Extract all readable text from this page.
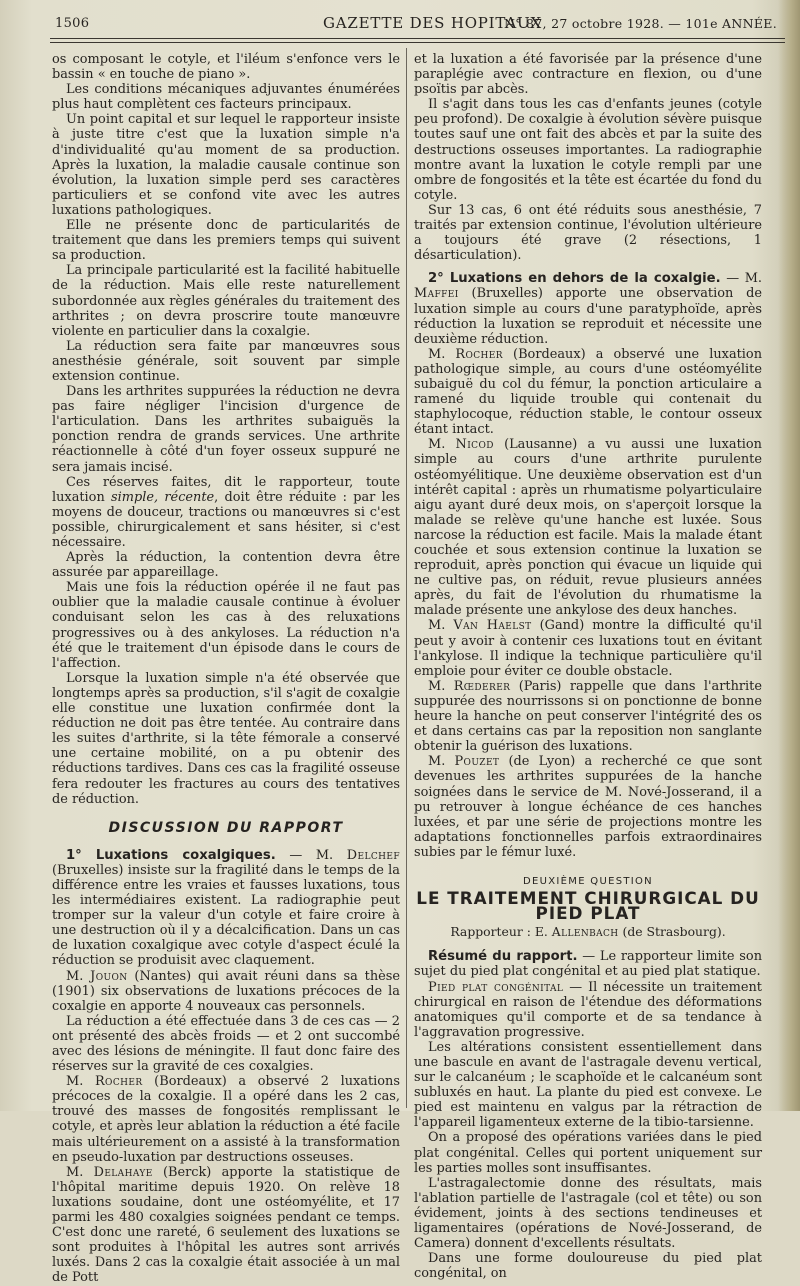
1506	GAZETTE DES HOPITAUX
N° 87, 27 octobre 1928. — 101e ANNÉE.

os composant le cotyle, et l'iléum s'enfonce vers le bassin « en touche de piano ».

Les conditions mécaniques adjuvantes énumérées plus haut complètent ces facteurs principaux.

Un point capital et sur lequel le rapporteur insiste à juste titre c'est que la luxation simple n'a d'individualité qu'au moment de sa production. Après la luxation, la maladie causale continue son évolution, la luxation simple perd ses caractères particuliers et se confond vite avec les autres luxations pathologiques.

Elle ne présente donc de particularités de traitement que dans les premiers temps qui suivent sa production.

La principale particularité est la facilité habituelle de la réduction. Mais elle reste naturellement subordonnée aux règles générales du traitement des arthrites ; on devra proscrire toute manœuvre violente en particulier dans la coxalgie.

La réduction sera faite par manœuvres sous anesthésie générale, soit souvent par simple extension continue.

Dans les arthrites suppurées la réduction ne devra pas faire négliger l'incision d'urgence de l'articulation. Dans les arthrites subaiguës la ponction rendra de grands services. Une arthrite réactionnelle à côté d'un foyer osseux suppuré ne sera jamais incisé.

Ces réserves faites, dit le rapporteur, toute luxation simple, récente, doit être réduite : par les moyens de douceur, tractions ou manœuvres si c'est possible, chirurgicalement et sans hésiter, si c'est nécessaire.

Après la réduction, la contention devra être assurée par appareillage.

Mais une fois la réduction opérée il ne faut pas oublier que la maladie causale continue à évoluer conduisant selon les cas à des reluxations progressives ou à des ankyloses. La réduction n'a été que le traitement d'un épisode dans le cours de l'affection.

Lorsque la luxation simple n'a été observée que longtemps après sa production, s'il s'agit de coxalgie elle constitue une luxation confirmée dont la réduction ne doit pas être tentée. Au contraire dans les suites d'arthrite, si la tête fémorale a conservé une certaine mobilité, on a pu obtenir des réductions tardives. Dans ces cas la fragilité osseuse fera redouter les fractures au cours des tentatives de réduction.

DISCUSSION DU RAPPORT

1° Luxations coxalgiques. — M. Delchef (Bruxelles) insiste sur la fragilité dans le temps de la différence entre les vraies et fausses luxations, tous les intermédiaires existent. La radiographie peut tromper sur la valeur d'un cotyle et faire croire à une destruction où il y a décalcification. Dans un cas de luxation coxalgique avec cotyle d'aspect éculé la réduction se produisit avec claquement.

M. Jouon (Nantes) qui avait réuni dans sa thèse (1901) six observations de luxations précoces de la coxalgie en apporte 4 nouveaux cas personnels.

La réduction a été effectuée dans 3 de ces cas — 2 ont présenté des abcès froids — et 2 ont succombé avec des lésions de méningite. Il faut donc faire des réserves sur la gravité de ces coxalgies.

M. Rocher (Bordeaux) a observé 2 luxations précoces de la coxalgie. Il a opéré dans les 2 cas, trouvé des masses de fongosités remplissant le cotyle, et après leur ablation la réduction a été facile mais ultérieurement on a assisté à la transformation en pseudo-luxation par destructions osseuses.

M. Delahaye (Berck) apporte la statistique de l'hôpital maritime depuis 1920. On relève 18 luxations soudaine, dont une ostéomyélite, et 17 parmi les 480 coxalgies soignées pendant ce temps. C'est donc une rareté, 6 seulement des luxations se sont produites à l'hôpital les autres sont arrivés luxés. Dans 2 cas la coxalgie était associée à un mal de Pott

et la luxation a été favorisée par la présence d'une paraplégie avec contracture en flexion, ou d'une psoïtis par abcès.

Il s'agit dans tous les cas d'enfants jeunes (cotyle peu profond). De coxalgie à évolution sévère puisque toutes sauf une ont fait des abcès et par la suite des destructions osseuses importantes. La radiographie montre avant la luxation le cotyle rempli par une ombre de fongosités et la tête est écartée du fond du cotyle.

Sur 13 cas, 6 ont été réduits sous anesthésie, 7 traités par extension continue, l'évolution ultérieure a toujours été grave (2 résections, 1 désarticulation).

2° Luxations en dehors de la coxalgie. — M. Maffei (Bruxelles) apporte une observation de luxation simple au cours d'une paratyphoïde, après réduction la luxation se reproduit et nécessite une deuxième réduction.

M. Rocher (Bordeaux) a observé une luxation pathologique simple, au cours d'une ostéomyélite subaiguë du col du fémur, la ponction articulaire a ramené du liquide trouble qui contenait du staphylocoque, réduction stable, le contour osseux étant intact.

M. Nicod (Lausanne) a vu aussi une luxation simple au cours d'une arthrite purulente ostéomyélitique. Une deuxième observation est d'un intérêt capital : après un rhumatisme polyarticulaire aigu ayant duré deux mois, on s'aperçoit lorsque la malade se relève qu'une hanche est luxée. Sous narcose la réduction est facile. Mais la malade étant couchée et sous extension continue la luxation se reproduit, après ponction qui évacue un liquide qui ne cultive pas, on réduit, revue plusieurs années après, du fait de l'évolution du rhumatisme la malade présente une ankylose des deux hanches.

M. Van Haelst (Gand) montre la difficulté qu'il peut y avoir à contenir ces luxations tout en évitant l'ankylose. Il indique la technique particulière qu'il emploie pour éviter ce double obstacle.

M. Rœderer (Paris) rappelle que dans l'arthrite suppurée des nourrissons si on ponctionne de bonne heure la hanche on peut conserver l'intégrité des os et dans certains cas par la reposition non sanglante obtenir la guérison des luxations.

M. Pouzet (de Lyon) a recherché ce que sont devenues les arthrites suppurées de la hanche soignées dans le service de M. Nové-Josserand, il a pu retrouver à longue échéance de ces hanches luxées, et par une série de projections montre les adaptations fonctionnelles parfois extraordinaires subies par le fémur luxé.

DEUXIÈME QUESTION
LE TRAITEMENT CHIRURGICAL DU PIED PLAT
Rapporteur : E. Allenbach (de Strasbourg).

Résumé du rapport. — Le rapporteur limite son sujet du pied plat congénital et au pied plat statique.

Pied plat congénital — Il nécessite un traitement chirurgical en raison de l'étendue des déformations anatomiques qu'il comporte et de sa tendance à l'aggravation progressive.

Les altérations consistent essentiellement dans une bascule en avant de l'astragale devenu vertical, sur le calcanéum ; le scaphoïde et le calcanéum sont subluxés en haut. La plante du pied est convexe. Le pied est maintenu en valgus par la rétraction de l'appareil ligamenteux externe de la tibio-tarsienne.

On a proposé des opérations variées dans le pied plat congénital. Celles qui portent uniquement sur les parties molles sont insuffisantes.

L'astragalectomie donne des résultats, mais l'ablation partielle de l'astragale (col et tête) ou son évidement, joints à des sections tendineuses et ligamentaires (opérations de Nové-Josserand, de Camera) donnent d'excellents résultats.

Dans une forme douloureuse du pied plat congénital, on
